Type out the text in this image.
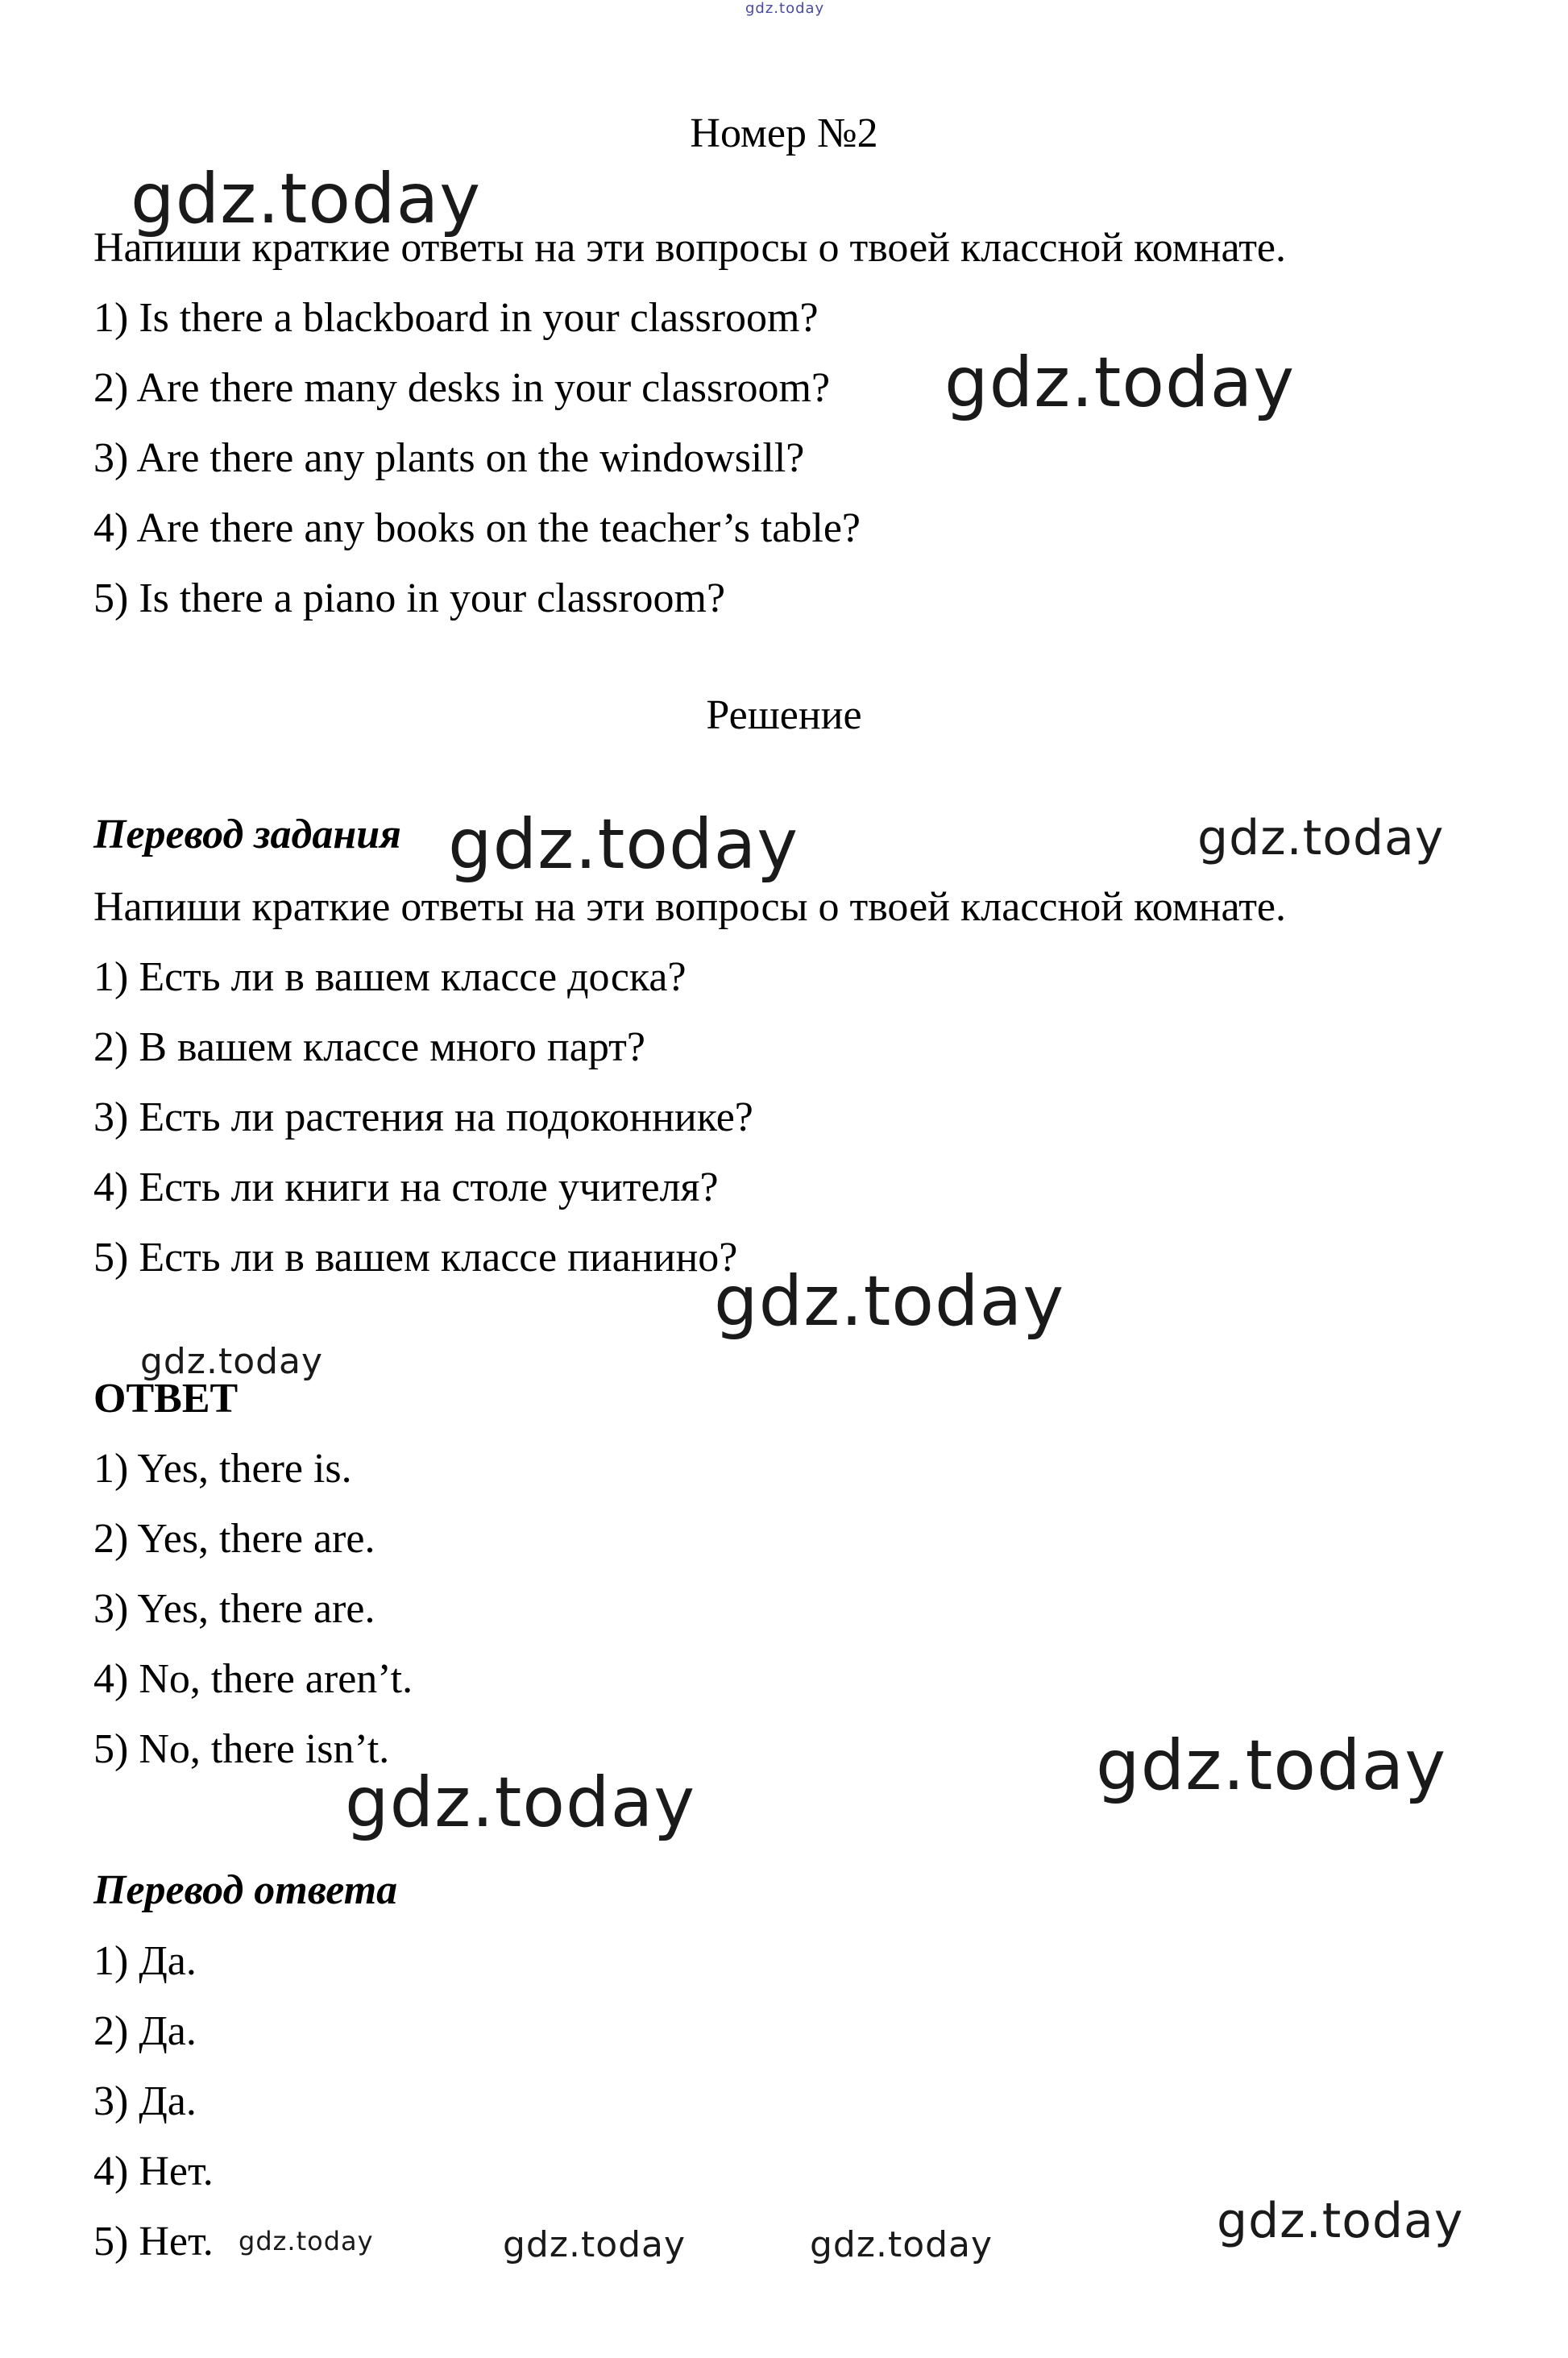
gdz.today
Номер №2
gdz.today
Напиши краткие ответы на эти вопросы о твоей классной комнате.
1) Is there a blackboard in your classroom?
2) Are there many desks in your classroom? gdz.today
3) Are there any plants on the windowsill?
4) Are there any books on the teacher’s table?
5) Is there a piano in your classroom?
Решение
Перевод задания gdz.today	gdz.today
Напиши краткие ответы на эти вопросы о твоей классной комнате.
1) Есть ли в вашем классе доска?
2) В вашем классе много парт?
3) Есть ли растения на подоконнике?
4) Есть ли книги на столе учителя?
5) Есть ли в вашем классе пианино?
gdz.today
gdz.today
ОТВЕТ
1) Yes, there is.
2) Yes, there are.
3) Yes, there are.
4) No, there aren’t.
5) No, there isn’t.	gdz.today
gdz.today
Перевод ответа
1) Да.
2) Да.
3) Да.
4) Нет.
5) Нет. gdz.today	gdz.today	gdz.today	gdz.today
